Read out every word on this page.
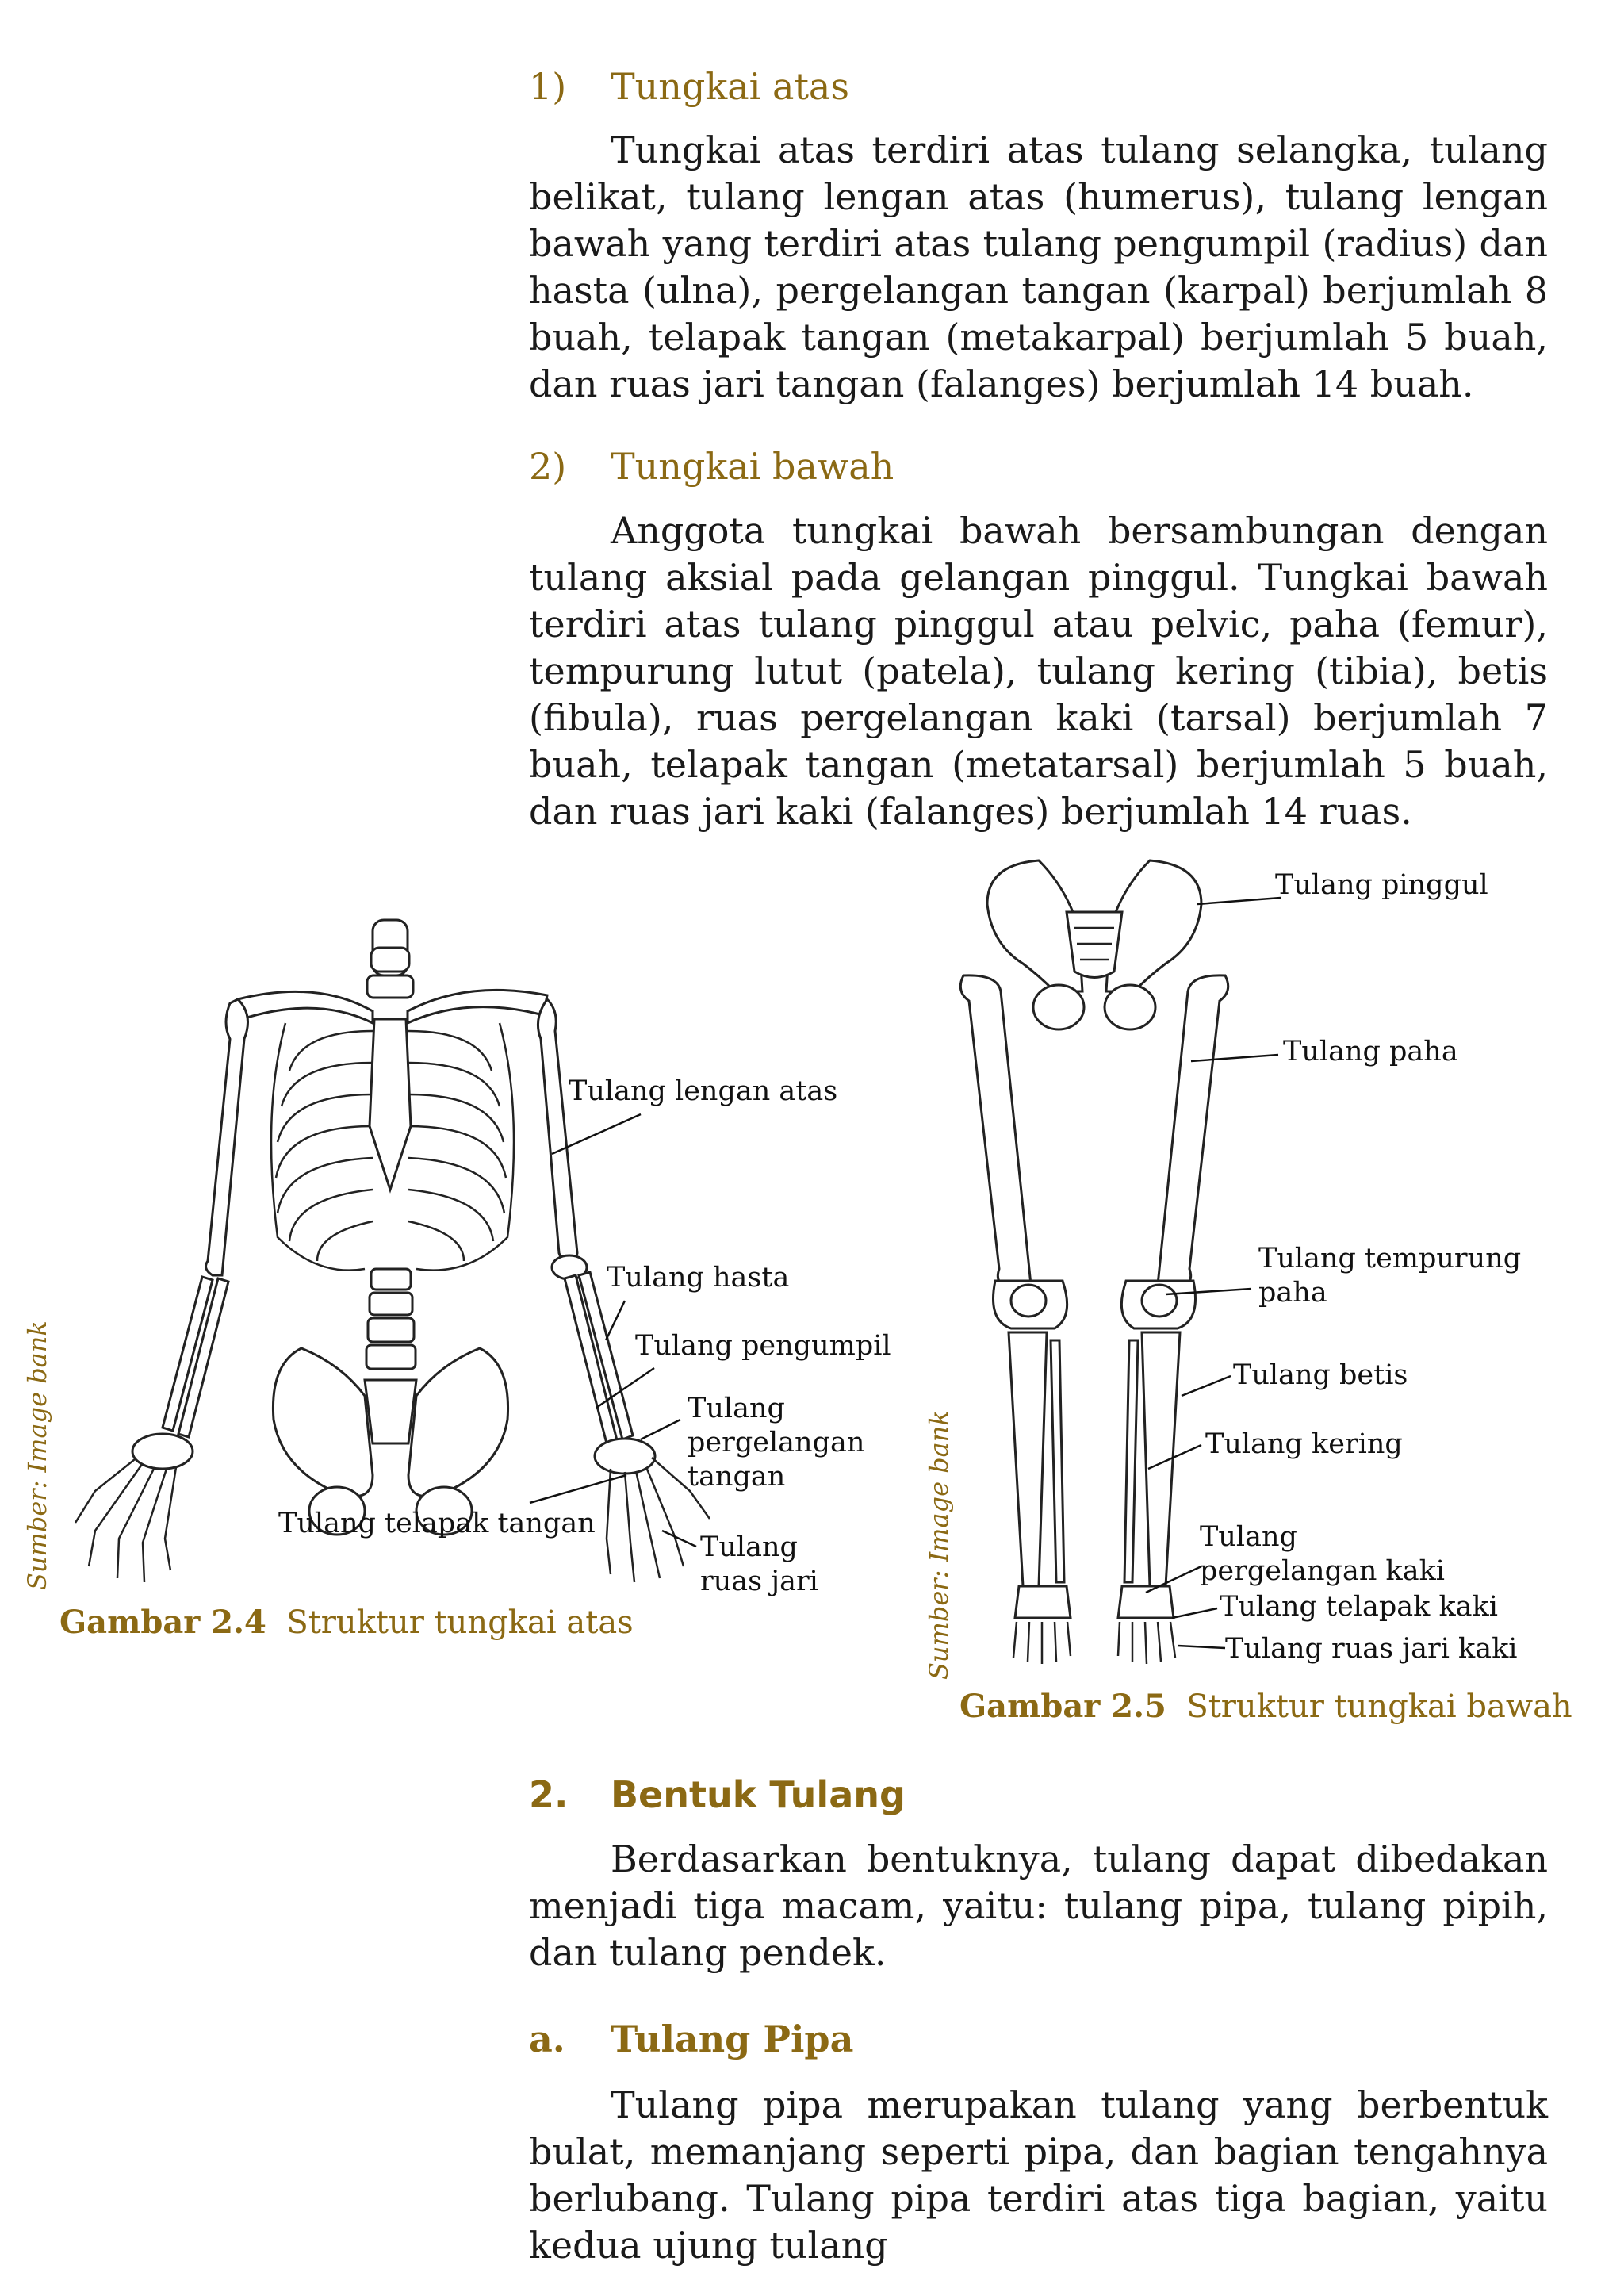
1) Tungkai atas

Tungkai atas terdiri atas tulang selangka, tulang belikat, tulang lengan atas (humerus), tulang lengan bawah yang terdiri atas tulang pengumpil (radius) dan hasta (ulna), pergelangan tangan (karpal) berjumlah 8 buah, telapak tangan (metakarpal) berjumlah 5 buah, dan ruas jari tangan (falanges) berjumlah 14 buah.

2) Tungkai bawah

Anggota tungkai bawah bersambungan dengan tulang aksial pada gelangan pinggul. Tungkai bawah terdiri atas tulang pinggul atau pelvic, paha (femur), tempurung lutut (patela), tulang kering (tibia), betis (fibula), ruas pergelangan kaki (tarsal) berjumlah 7 buah, telapak tangan (metatarsal) berjumlah 5 buah, dan ruas jari kaki (falanges) berjumlah 14 ruas.

Sumber: Image bank
Tulang lengan atas
Tulang hasta
Tulang pengumpil
Tulang
pergelangan
tangan
Tulang telapak tangan
Tulang
ruas jari
Gambar 2.4 Struktur tungkai atas	Sumber: Image bank
Tulang pinggul
Tulang paha
Tulang tempurung
paha
Tulang betis
Tulang kering
Tulang
pergelangan kaki
Tulang telapak kaki
Tulang ruas jari kaki
Gambar 2.5 Struktur tungkai bawah
2. Bentuk Tulang

Berdasarkan bentuknya, tulang dapat dibedakan menjadi tiga macam, yaitu: tulang pipa, tulang pipih, dan tulang pendek.

a. Tulang Pipa

Tulang pipa merupakan tulang yang berbentuk bulat, memanjang seperti pipa, dan bagian tengahnya berlubang. Tulang pipa terdiri atas tiga bagian, yaitu kedua ujung tulang
